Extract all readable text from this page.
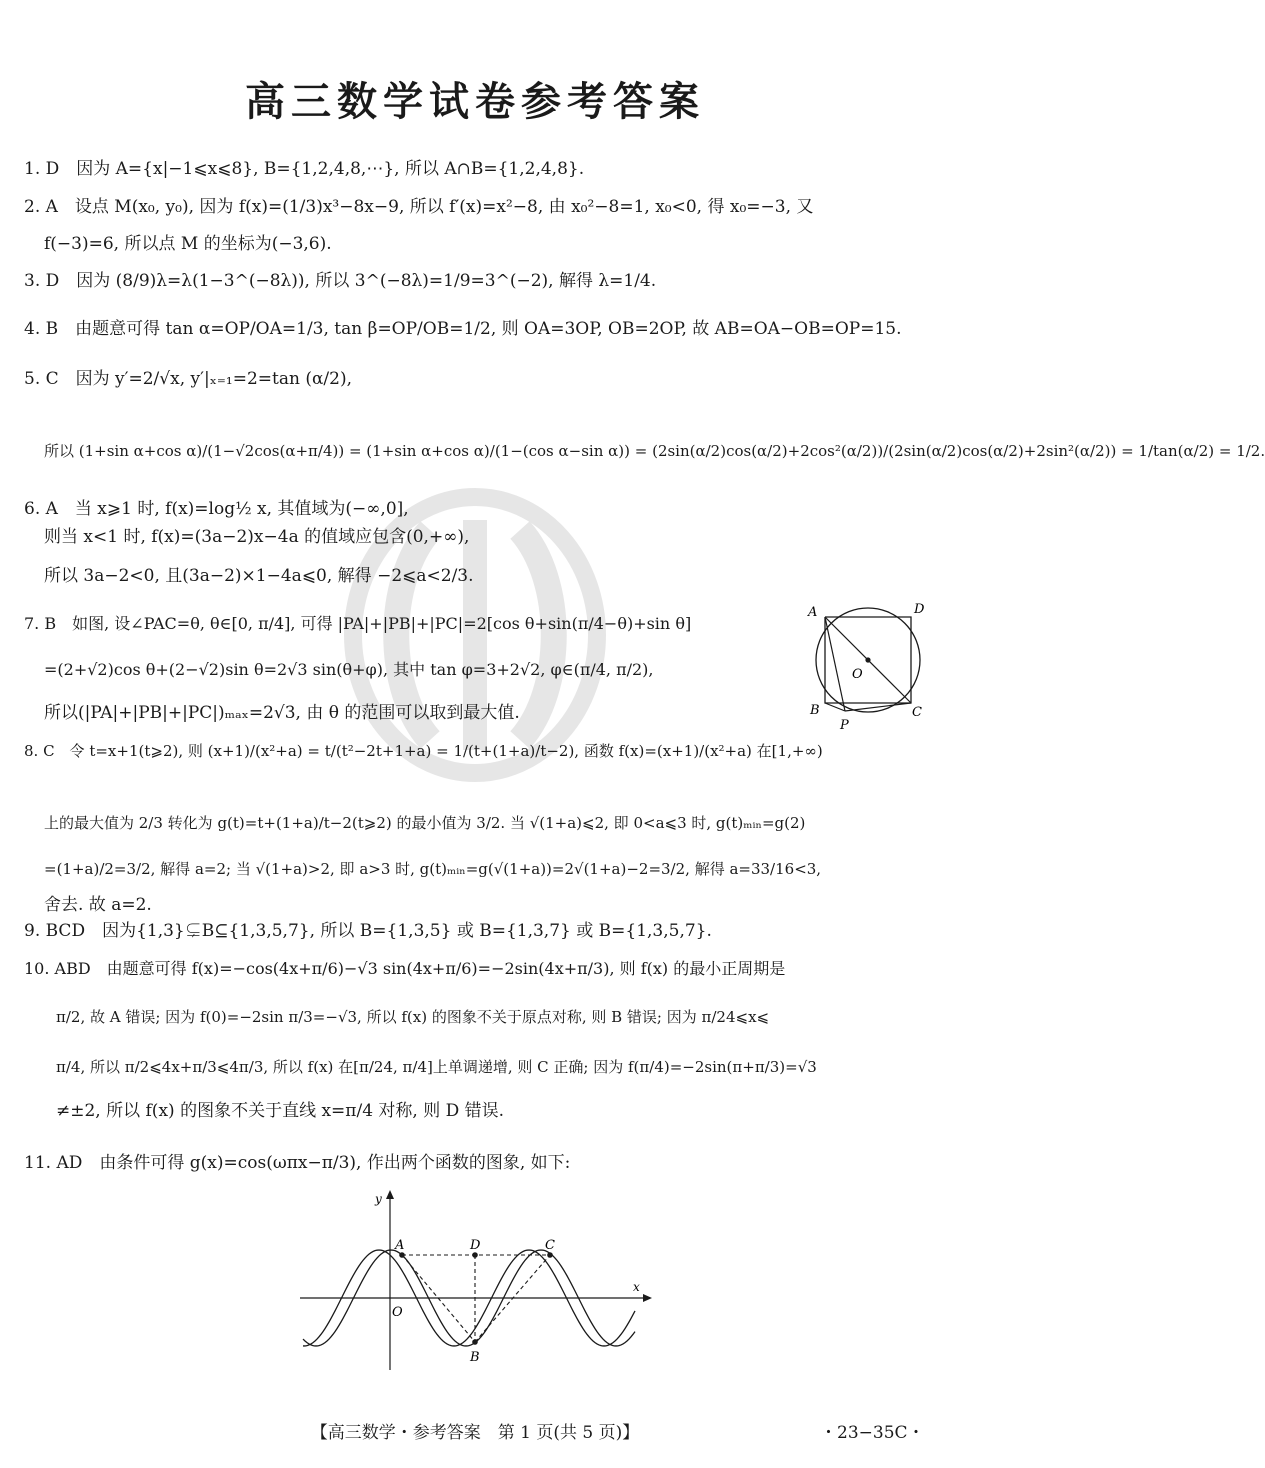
高三数学试卷参考答案
1. D　因为 A={x|−1⩽x⩽8}, B={1,2,4,8,⋯}, 所以 A∩B={1,2,4,8}.
2. A　设点 M(x₀, y₀), 因为 f(x)=(1/3)x³−8x−9, 所以 f′(x)=x²−8, 由 x₀²−8=1, x₀<0, 得 x₀=−3, 又
f(−3)=6, 所以点 M 的坐标为(−3,6).
3. D　因为 (8/9)λ=λ(1−3^(−8λ)), 所以 3^(−8λ)=1/9=3^(−2), 解得 λ=1/4.
4. B　由题意可得 tan α=OP/OA=1/3, tan β=OP/OB=1/2, 则 OA=3OP, OB=2OP, 故 AB=OA−OB=OP=15.
5. C　因为 y′=2/√x, y′|ₓ₌₁=2=tan (α/2),
所以 (1+sin α+cos α)/(1−√2cos(α+π/4)) = (1+sin α+cos α)/(1−(cos α−sin α)) = (2sin(α/2)cos(α/2)+2cos²(α/2))/(2sin(α/2)cos(α/2)+2sin²(α/2)) = 1/tan(α/2) = 1/2.
6. A　当 x⩾1 时, f(x)=log½ x, 其值域为(−∞,0],
则当 x<1 时, f(x)=(3a−2)x−4a 的值域应包含(0,+∞),
所以 3a−2<0, 且(3a−2)×1−4a⩽0, 解得 −2⩽a<2/3.
7. B　如图, 设∠PAC=θ, θ∈[0, π/4], 可得 |PA|+|PB|+|PC|=2[cos θ+sin(π/4−θ)+sin θ]
=(2+√2)cos θ+(2−√2)sin θ=2√3 sin(θ+φ), 其中 tan φ=3+2√2, φ∈(π/4, π/2),
所以(|PA|+|PB|+|PC|)ₘₐₓ=2√3, 由 θ 的范围可以取到最大值.
8. C　令 t=x+1(t⩾2), 则 (x+1)/(x²+a) = t/(t²−2t+1+a) = 1/(t+(1+a)/t−2), 函数 f(x)=(x+1)/(x²+a) 在[1,+∞)
上的最大值为 2/3 转化为 g(t)=t+(1+a)/t−2(t⩾2) 的最小值为 3/2. 当 √(1+a)⩽2, 即 0<a⩽3 时, g(t)ₘᵢₙ=g(2)
=(1+a)/2=3/2, 解得 a=2; 当 √(1+a)>2, 即 a>3 时, g(t)ₘᵢₙ=g(√(1+a))=2√(1+a)−2=3/2, 解得 a=33/16<3,
舍去. 故 a=2.
9. BCD　因为{1,3}⊊B⊆{1,3,5,7}, 所以 B={1,3,5} 或 B={1,3,7} 或 B={1,3,5,7}.
10. ABD　由题意可得 f(x)=−cos(4x+π/6)−√3 sin(4x+π/6)=−2sin(4x+π/3), 则 f(x) 的最小正周期是
π/2, 故 A 错误; 因为 f(0)=−2sin π/3=−√3, 所以 f(x) 的图象不关于原点对称, 则 B 错误; 因为 π/24⩽x⩽
π/4, 所以 π/2⩽4x+π/3⩽4π/3, 所以 f(x) 在[π/24, π/4]上单调递增, 则 C 正确; 因为 f(π/4)=−2sin(π+π/3)=√3
≠±2, 所以 f(x) 的图象不关于直线 x=π/4 对称, 则 D 错误.
11. AD　由条件可得 g(x)=cos(ωπx−π/3), 作出两个函数的图象, 如下:
A	D
O
B
P
C
y
x
O
A	D	C
B
【高三数学・参考答案　第 1 页(共 5 页)】	・23−35C・
